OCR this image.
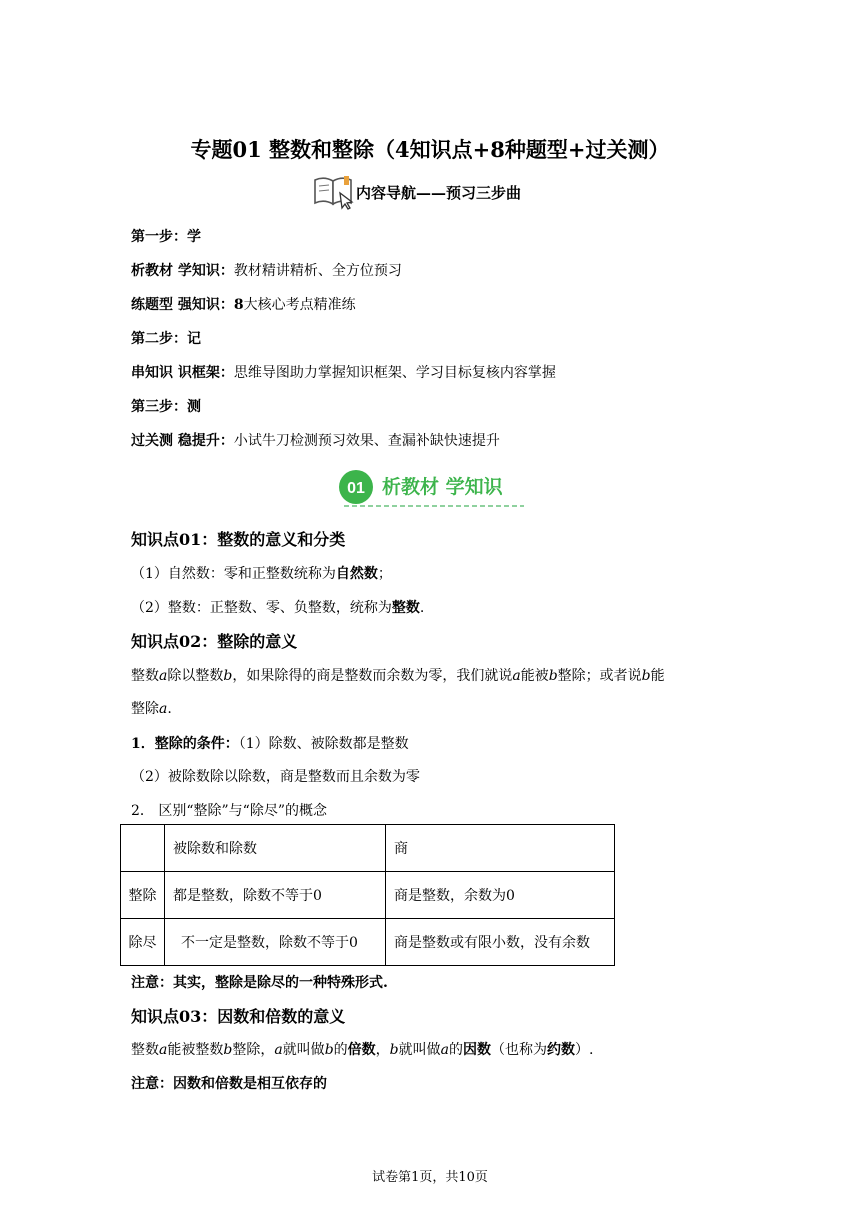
专题01 整数和整除（4知识点+8种题型+过关测）
内容导航——预习三步曲
第一步：学
析教材 学知识：教材精讲精析、全方位预习
练题型 强知识：8大核心考点精准练
第二步：记
串知识 识框架：思维导图助力掌握知识框架、学习目标复核内容掌握
第三步：测
过关测 稳提升：小试牛刀检测预习效果、查漏补缺快速提升
01 析教材 学知识
知识点01：整数的意义和分类
（1）自然数：零和正整数统称为自然数；
（2）整数：正整数、零、负整数，统称为整数.
知识点02：整除的意义
整数a除以整数b，如果除得的商是整数而余数为零，我们就说a能被b整除；或者说b能
整除a.
1．整除的条件：（1）除数、被除数都是整数
（2）被除数除以除数，商是整数而且余数为零
2． 区别“整除”与“除尽”的概念
	被除数和除数	商
整除	都是整数，除数不等于0	商是整数，余数为0
除尽	不一定是整数，除数不等于0	商是整数或有限小数，没有余数
注意：其实，整除是除尽的一种特殊形式.
知识点03：因数和倍数的意义
整数a能被整数b整除，a就叫做b的倍数，b就叫做a的因数（也称为约数）.
注意：因数和倍数是相互依存的
试卷第1页，共10页
